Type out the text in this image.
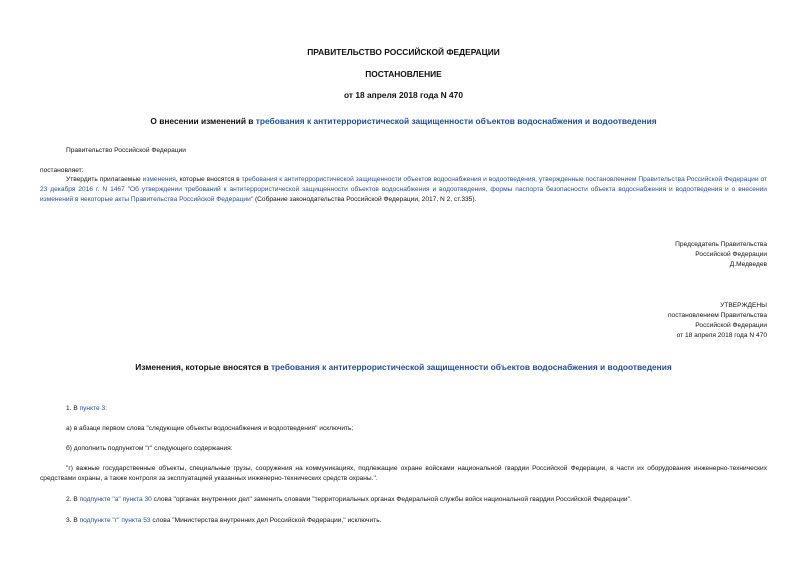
ПРАВИТЕЛЬСТВО РОССИЙСКОЙ ФЕДЕРАЦИИ
ПОСТАНОВЛЕНИЕ
от 18 апреля 2018 года N 470
О внесении изменений в требования к антитеррористической защищенности объектов водоснабжения и водоотведения
Правительство Российской Федерации
постановляет:
Утвердить прилагаемые изменения, которые вносятся в требования к антитеррористической защищенности объектов водоснабжения и водоотведения, утвержденные постановлением Правительства Российской Федерации от 23 декабря 2016 г. N 1467 "Об утверждении требований к антитеррористической защищенности объектов водоснабжения и водоотведения, формы паспорта безопасности объекта водоснабжения и водоотведения и о внесении изменений в некоторые акты Правительства Российской Федерации" (Собрание законодательства Российской Федерации, 2017, N 2, ст.335).
Председатель Правительства
Российской Федерации
Д.Медведев
УТВЕРЖДЕНЫ
постановлением Правительства
Российской Федерации
от 18 апреля 2018 года N 470
Изменения, которые вносятся в требования к антитеррористической защищенности объектов водоснабжения и водоотведения
1. В пункте 3:
а) в абзаце первом слова "следующие объекты водоснабжения и водоотведения" исключить;
б) дополнить подпунктом "г" следующего содержания:
"г) важные государственные объекты, специальные грузы, сооружения на коммуникациях, подлежащие охране войсками национальной гвардии Российской Федерации, в части их оборудования инженерно-технических средствами охраны, а также контроля за эксплуатацией указанных инженерно-технических средств охраны.".
2. В подпункте "а" пункта 30 слова "органах внутренних дел" заменить словами "территориальных органах Федеральной службы войск национальной гвардии Российской Федерации".
3. В подпункте "г" пункта 53 слова "Министерства внутренних дел Российской Федерации," исключить.
